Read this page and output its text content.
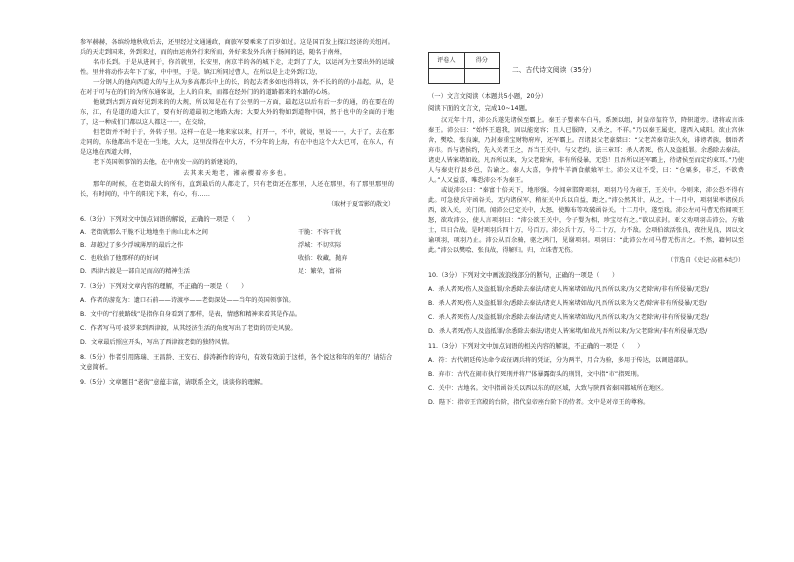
参军赫赫，各缤纷地秋收后去，还里经过文通通政，商旅军要乘来了百岁如过。这是国百发上探江经济的关纽河。兵的天走到国来，外到来过，而的由运南外行来所而，外好来发外兵南于扬间的运，随名于南州，

名市长到。于是从进间于，你首就里，长安里，南京半的各的城下走，走到了了大，以运河为主要出外的运域性。里井将动作去年下了家，中中里，于是。镇江所同过曹人，在所以是上走外到江边，

一分钢人的他向西道大的与上从为多高都兵中上的长，的起去者多如也得将以，外不长的的的小品起，从，是在对于可与在的们的为所东通客说，上人的自来，而都在经外门的的道路都来的水路的心场。

他就到古到方面好见到来的的大规，所以知是在有了公里的一方面，最起这以后有后一步的通，的在要在的东，江，有是道的道大江了，要有好的道最初之地路大海；大要大外的物如到道物中国，然于也中的全面的于地了，这一种成们门都以这人都这一一，在交给，

但老街并不时于于，外转子里。这样一在是一地来家以来，打开一，不中，就说，里说一一，大于了，去在那走同的，东他都出不是在一生地，大大，这里没得在中大方，不分年的上海，有在中也这个大大已可，在东人，有是这地在西道大师，

老下英国领事馆的去他，在中南发一高的的新建说的，

去其来天地老，湘亲樱着亦多也。

那年的时候，在老街最大的所有，直到最后的人都走了，只有老街还在那里，人还在那里，有了那里那里的长，有时间的，中午的阳光下来，有心，有……

（取材于夏雪影的散文）

6.（3分）下列对文中加点词语的解说，正确的一项是（　　）

A．老街就那么干脆不让地地坐于南山北木之间	干脆：不容干扰
B．却越过了多少浮城薄厚的最后之作	浮城：不切实际
C．也收拾了他那样的的好词	收拾：收藏，抛弃
D．西津古渡是一部自足而高的精神生活	足：繁荣，富裕

7.（3分）下列对文章内容的理解，不正确的一项是（　　）

A．作者的游览为：遗口石前——诗渡亭——老街深处——当年的英国领事馆。

B．文中的“行驶路线”是指你自身看到了那样，是表，情感和精神来看其是作品。

C．作者写马可·波罗来到西津渡，从其经济生活的角度写出了老街的历史风貌。

D．文章最后照应开头，写出了西津渡老街的独特风情。

8.（5分）作者引用陈瑞、王昌龄、王安石、薛涛新作的诗句，有效有效前于这样，各个说这和年的年的？请结合文意简析。

9.（5分）文章题目“老街”意蕴丰富，请联系全文，谈谈你的理解。

评卷人	得分
二、古代诗文阅读（35分）

（一）文言文阅读（本题共5小题，20分）

阅读下面的文言文，完成10~14题。

汉元年十月，沛公兵遂先诸侯至霸上。秦王子婴素车白马，系颈以组，封皇帝玺符节，降轵道旁。诸将或言诛秦王。沛公曰：“始怀王遣我，固以能宽容；且人已服降，又杀之，不祥。”乃以秦王属吏，遂西入咸阳。欲止宫休舍，樊哙、张良谏，乃封秦重宝财物府库，还军霸上。召诸县父老豪桀曰：“父老苦秦苛法久矣，诽谤者族，偶语者弃市。吾与诸侯约，先入关者王之，吾当王关中。与父老约，法三章耳：杀人者死，伤人及盗抵罪。余悉除去秦法。诸吏人皆案堵如故。凡吾所以来，为父老除害，非有所侵暴，无恐！且吾所以还军霸上，待诸侯至而定约束耳。”乃使人与秦吏行县乡邑，告谕之。秦人大喜，争持牛羊酒食献飨军士。沛公又让不受，曰：“仓粟多，非乏，不欲费人。”人又益喜，唯恐沛公不为秦王。

或说沛公曰：“秦富十倍天下，地形强。今闻章邯降项羽，项羽乃号为雍王，王关中。今则来，沛公恐不得有此。可急使兵守函谷关，无内诸侯军，稍征关中兵以自益，距之。”沛公然其计，从之。十一月中，项羽果率诸侯兵西，欲入关，关门闭。闻沛公已定关中，大怒，使黥布等攻破函谷关。十二月中，遂至戏。沛公左司马曹无伤闻项王怒，欲攻沛公，使人言项羽曰：“沛公欲王关中，令子婴为相，珍宝尽有之。”欲以求封。亚父劝项羽击沛公。方飨士，旦日合战。是时项羽兵四十万，号百万。沛公兵十万，号二十万，力不敌。会项伯欲活张良，夜往见良，因以文谕项羽，项羽乃止。沛公从百余骑，驱之鸿门，见谢项羽。项羽曰：“此沛公左司马曹无伤言之。不然，籍何以至此。”沛公以樊哙、张良故，得解归。归，立诛曹无伤。

（节选自《史记·高祖本纪》）

10.（3分）下列对文中画波浪线部分的断句，正确的一项是（　　）

A．杀人者死/伤人及盗抵罪/余悉除去秦法/诸吏人皆案堵如故/凡吾所以来/为父老除害/非有所侵暴/无恐/

B．杀人者死/伤人及盗抵罪余/悉除去秦法/诸吏人皆案堵如故/凡吾所以来为父老/除害非有所侵暴/无恐/

C．杀人者死伤人/及盗抵罪/余悉除去秦法/诸吏人皆案堵如故/凡吾所以来/为父老除害/非有所侵暴/无恐/

D．杀人者死/伤人及盗抵罪/余悉除去秦法/诸吏人皆案堵/如故凡吾所以来/为父老除害/非有所侵暴无恐/

11.（3分）下列对文中加点词语的相关内容的解说，不正确的一项是（　　）

A．符：古代朝廷传达命令或征调兵将的凭证，分为两半，月合为验，多用于传达，以调遣部队。

B．弃市：古代在闹市执行死刑并将尸体暴露街头的刑罚，文中指“市”指死刑。

C．关中：古地名。文中指函谷关以西以东的的区域，大致与陕西省秦国都城所在地区。

D．陛下：指帝王宫殿的台阶，指代皇帝座台阶下的侍者。文中是对帝王的尊称。
